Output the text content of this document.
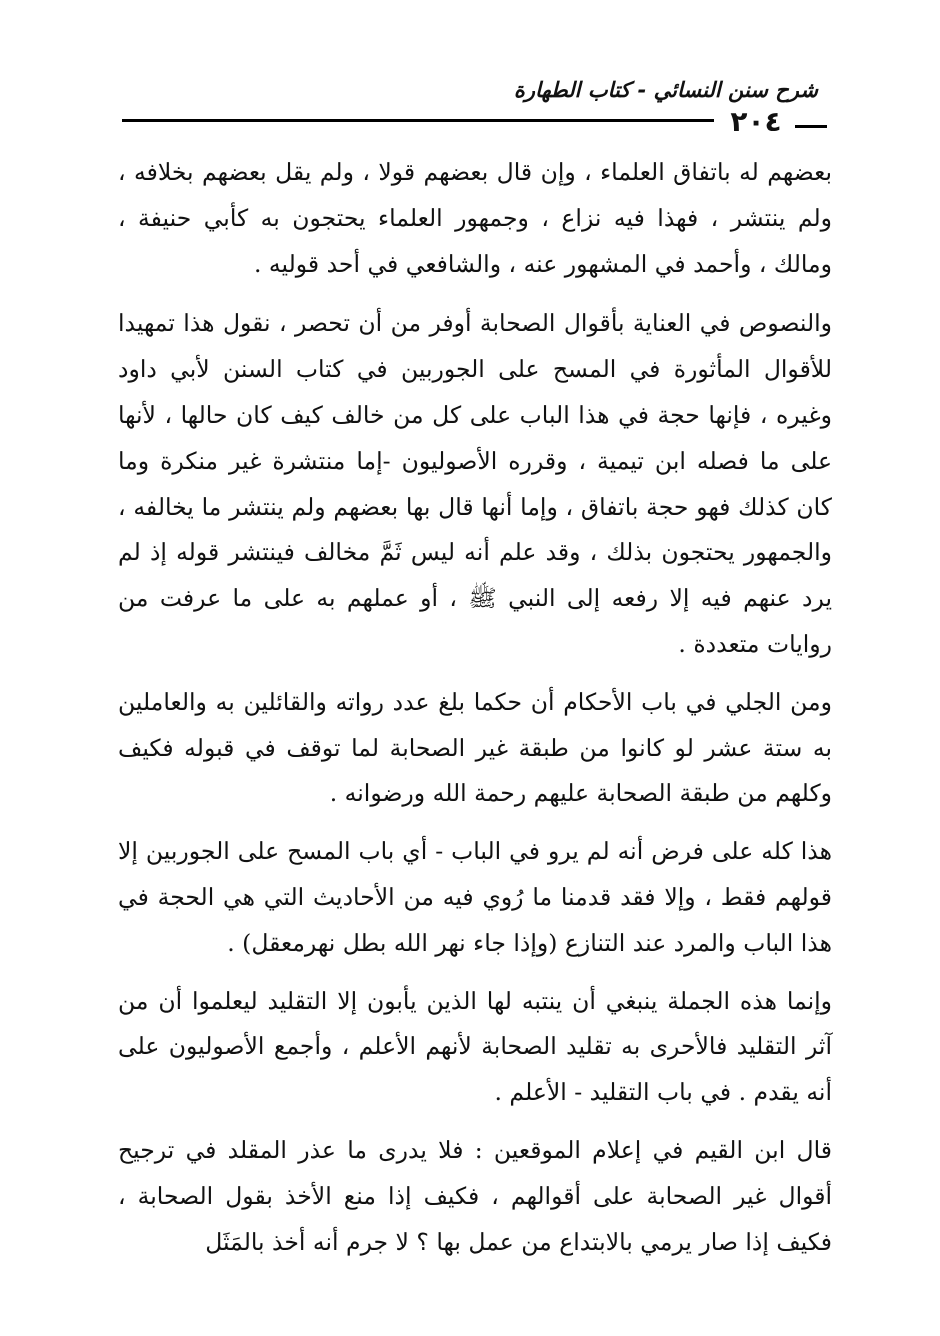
شرح سنن النسائي - كتاب الطهارة
٢٠٤

بعضهم له باتفاق العلماء ، وإن قال بعضهم قولا ، ولم يقل بعضهم بخلافه ، ولم ينتشر ، فهذا فيه نزاع ، وجمهور العلماء يحتجون به كأبي حنيفة ، ومالك ، وأحمد في المشهور عنه ، والشافعي في أحد قوليه .

والنصوص في العناية بأقوال الصحابة أوفر من أن تحصر ، نقول هذا تمهيدا للأقوال المأثورة في المسح على الجوربين في كتاب السنن لأبي داود وغيره ، فإنها حجة في هذا الباب على كل من خالف كيف كان حالها ، لأنها على ما فصله ابن تيمية ، وقرره الأصوليون -إما منتشرة غير منكرة وما كان كذلك فهو حجة باتفاق ، وإما أنها قال بها بعضهم ولم ينتشر ما يخالفه ، والجمهور يحتجون بذلك ، وقد علم أنه ليس ثَمَّ مخالف فينتشر قوله إذ لم يرد عنهم فيه إلا رفعه إلى النبي ﷺ ، أو عملهم به على ما عرفت من روايات متعددة .

ومن الجلي في باب الأحكام أن حكما بلغ عدد رواته والقائلين به والعاملين به ستة عشر لو كانوا من طبقة غير الصحابة لما توقف في قبوله فكيف وكلهم من طبقة الصحابة عليهم رحمة الله ورضوانه .

هذا كله على فرض أنه لم يرو في الباب - أي باب المسح على الجوربين إلا قولهم فقط ، وإلا فقد قدمنا ما رُوي فيه من الأحاديث التي هي الحجة في هذا الباب والمرد عند التنازع (وإذا جاء نهر الله بطل نهرمعقل) .

وإنما هذه الجملة ينبغي أن ينتبه لها الذين يأبون إلا التقليد ليعلموا أن من آثر التقليد فالأحرى به تقليد الصحابة لأنهم الأعلم ، وأجمع الأصوليون على أنه يقدم . في باب التقليد - الأعلم .

قال ابن القيم في إعلام الموقعين : فلا يدرى ما عذر المقلد في ترجيح أقوال غير الصحابة على أقوالهم ، فكيف إذا منع الأخذ بقول الصحابة ، فكيف إذا صار يرمي بالابتداع من عمل بها ؟ لا جرم أنه أخذ بالمَثَل
